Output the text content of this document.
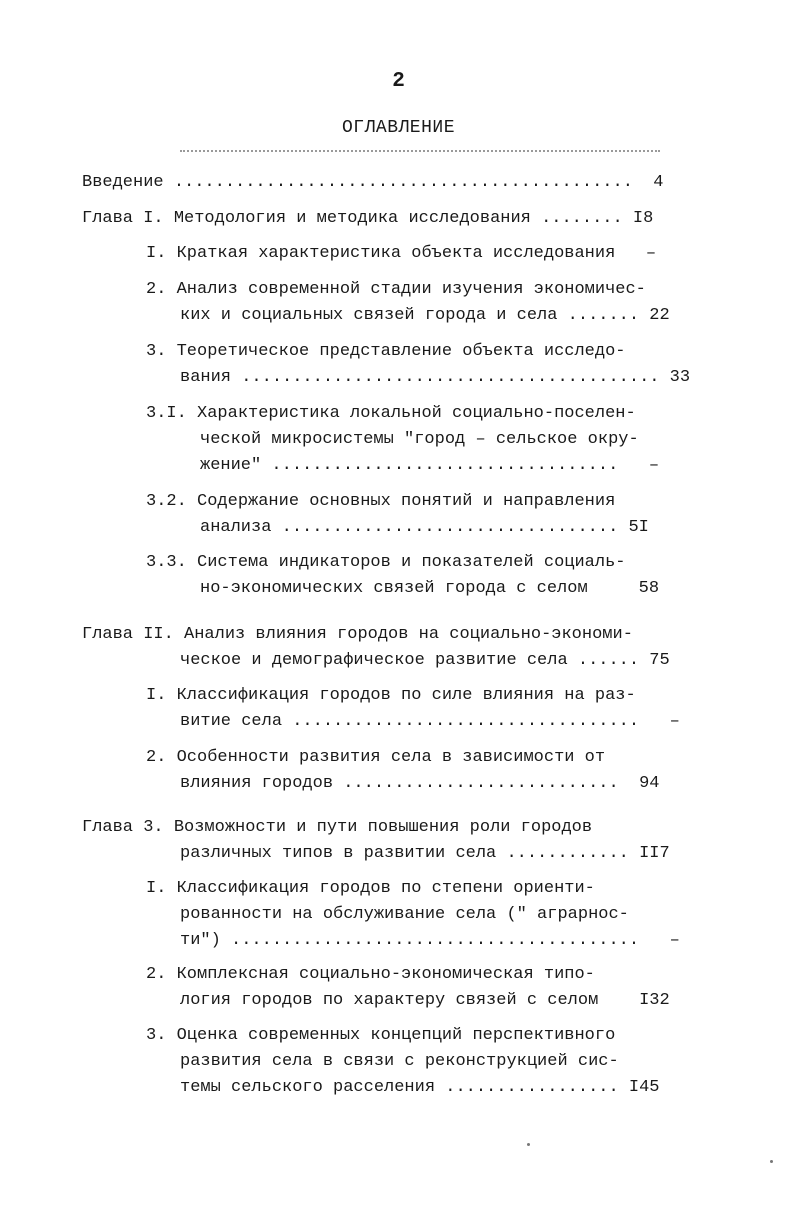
2
ОГЛАВЛЕНИЕ
Введение .............................................  4
Глава I. Методология и методика исследования ........ I8
I. Краткая характеристика объекта исследования   –
2. Анализ современной стадии изучения экономичес-
ких и социальных связей города и села ....... 22
3. Теоретическое представление объекта исследо-
вания ......................................... 33
3.I. Характеристика локальной социально-поселен-
ческой микросистемы "город – сельское окру-
жение" ..................................   –
3.2. Содержание основных понятий и направления
анализа ................................. 5I
3.3. Система индикаторов и показателей социаль-
но-экономических связей города с селом     58
Глава II. Анализ влияния городов на социально-экономи-
ческое и демографическое развитие села ...... 75
I. Классификация городов по силе влияния на раз-
витие села ..................................   –
2. Особенности развития села в зависимости от
влияния городов ...........................  94
Глава 3. Возможности и пути повышения роли городов
различных типов в развитии села ............ II7
I. Классификация городов по степени ориенти-
рованности на обслуживание села (" аграрнос-
ти") ........................................   –
2. Комплексная социально-экономическая типо-
логия городов по характеру связей с селом    I32
3. Оценка современных концепций перспективного
развития села в связи с реконструкцией сис-
темы сельского расселения ................. I45
